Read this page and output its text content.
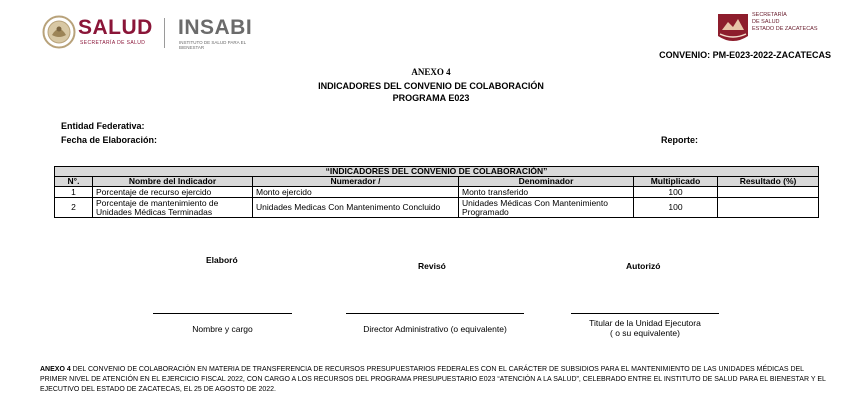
SALUD
SECRETARÍA DE SALUD
INSABI
INSTITUTO DE SALUD PARA EL BIENESTAR
SECRETARÍA
DE SALUD
ESTADO DE ZACATECAS
CONVENIO: PM-E023-2022-ZACATECAS
ANEXO 4
INDICADORES DEL CONVENIO DE COLABORACIÓN
PROGRAMA E023
Entidad Federativa:
Fecha de Elaboración:	Reporte:
“INDICADORES DEL CONVENIO DE COLABORACIÓN”					
N°.	Nombre del Indicador	Numerador /	Denominador	Multiplicado	Resultado (%)
1	Porcentaje de recurso ejercido	Monto ejercido	Monto transferido	100	
2	Porcentaje de mantenimiento de Unidades Médicas Terminadas	Unidades Medicas Con Mantenimento Concluido	Unidades Médicas Con Mantenimiento Programado	100	
Elaboró
Revisó	Autorizó
Nombre y cargo	Director Administrativo (o equivalente)
Titular de la Unidad Ejecutora
( o su equivalente)
ANEXO 4 DEL CONVENIO DE COLABORACIÓN EN MATERIA DE TRANSFERENCIA DE RECURSOS PRESUPUESTARIOS FEDERALES CON EL CARÁCTER DE SUBSIDIOS PARA EL MANTENIMIENTO DE LAS UNIDADES MÉDICAS DEL PRIMER NIVEL DE ATENCIÓN EN EL EJERCICIO FISCAL 2022, CON CARGO A LOS RECURSOS DEL PROGRAMA PRESUPUESTARIO E023 “ATENCIÓN A LA SALUD”, CELEBRADO ENTRE EL INSTITUTO DE SALUD PARA EL BIENESTAR Y EL EJECUTIVO DEL ESTADO DE ZACATECAS, EL 25 DE AGOSTO DE 2022.
